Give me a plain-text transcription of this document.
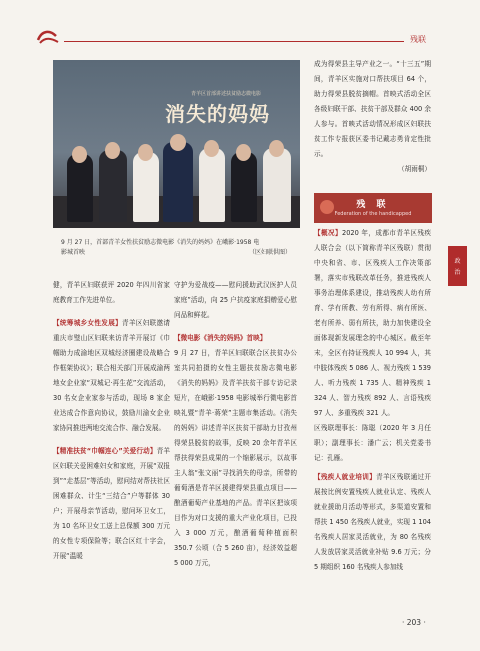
残联
青羊区首部讲述扶贫励志微电影
消失的妈妈
9 月 27 日，首部青羊女性扶贫励志微电影《消失的妈妈》在峨影·1958 电
影城首映	（区妇联供图）

健，青羊区妇联获评 2020 年四川省家庭教育工作先进单位。

【统筹城乡女性发展】青羊区妇联邀请重庆市璧山区妇联来访青羊开展订《巾帼助力成渝地区双城经济圈建设战略合作框架协议》；联合相关部门开展成渝两地女企业家“双城记·再生花”交流活动，30 名女企业家参与活动，现场 8 家企业达成合作意向协议，鼓励川渝女企业家协同推进两地交流合作、融合发展。

【精准扶贫“巾帼连心”关爱行动】青羊区妇联关爱困难妇女和家庭，开展“双报到”“走基层”等活动，慰问结对帮扶社区困难群众、计生“三结合”户等群体 30 户；开展母亲节活动，慰问环卫女工，为 10 名环卫女工送上总保额 300 万元的女性专项保险等；联合区红十字会，开展“温暖

守护为爱战疫——慰问援助武汉医护人员家庭”活动，向 25 户抗疫家庭捐赠爱心慰问品和鲜花。

【微电影《消失的妈妈》首映】
9 月 27 日，青羊区妇联联合区扶贫办公室共同拍摄的女性主题扶贫励志微电影《消失的妈妈》及青羊扶贫干部专访记录短片，在峨影·1958 电影城举行微电影首映礼暨“青羊·蒋荣”主题市集活动。《消失的妈妈》讲述青羊区扶贫干部助力甘孜州得荣县脱贫的故事，反映 20 余年青羊区帮扶得荣县成果的一个缩影展示，以故事主人翁“张文丽”寻找消失的母亲，所带的葡萄酒是青羊区援建得荣县重点项目——酿酒葡萄产业基地的产品。青羊区把该项目作为对口支援的重大产业化项目，已投入 3 000 万元，酿酒葡萄种植面积 350.7 公顷（合 5 260 亩），经济效益超 5 000 万元，

成为得荣县主导产业之一。“十三五”期间，青羊区实施对口帮扶项目 64 个，助力得荣县脱贫摘帽。首映式活动全区各级妇联干部、扶贫干部及群众 400 余人参与。首映式活动情况形成区妇联扶贫工作专报获区委书记戴志勇肯定性批示。

（胡雨桐）

残 联
Federation of the handicapped

【概况】2020 年，成都市青羊区残疾人联合会（以下简称青羊区残联）贯彻中央和省、市、区残疾人工作决策部署，落实市残联改革任务，推进残疾人事务治理体系建设，推动残疾人幼有所育、学有所教、劳有所得、病有所医、老有所养、弱有所扶，助力加快建设全面体现新发展理念的中心城区。截至年末，全区有持证残疾人 10 994 人，其中肢体残疾 5 086 人、视力残疾 1 539 人、听力残疾 1 735 人、精神残疾 1 324 人、智力残疾 892 人、言语残疾 97 人、多重残疾 321 人。

区残联理事长：陈聪（2020 年 3 月任职）；副理事长：潘广云；机关党委书记：孔雁。

【残疾人就业培训】青羊区残联通过开展按比例安置残疾人就业认定、残疾人就业援助月活动等形式，多渠道安置和帮扶 1 450 名残疾人就业，实现 1 104 名残疾人居家灵活就业，为 80 名残疾人发放居家灵活就业补贴 9.6 万元；分 5 期组织 160 名残疾人参加线

政
治
· 203 ·
